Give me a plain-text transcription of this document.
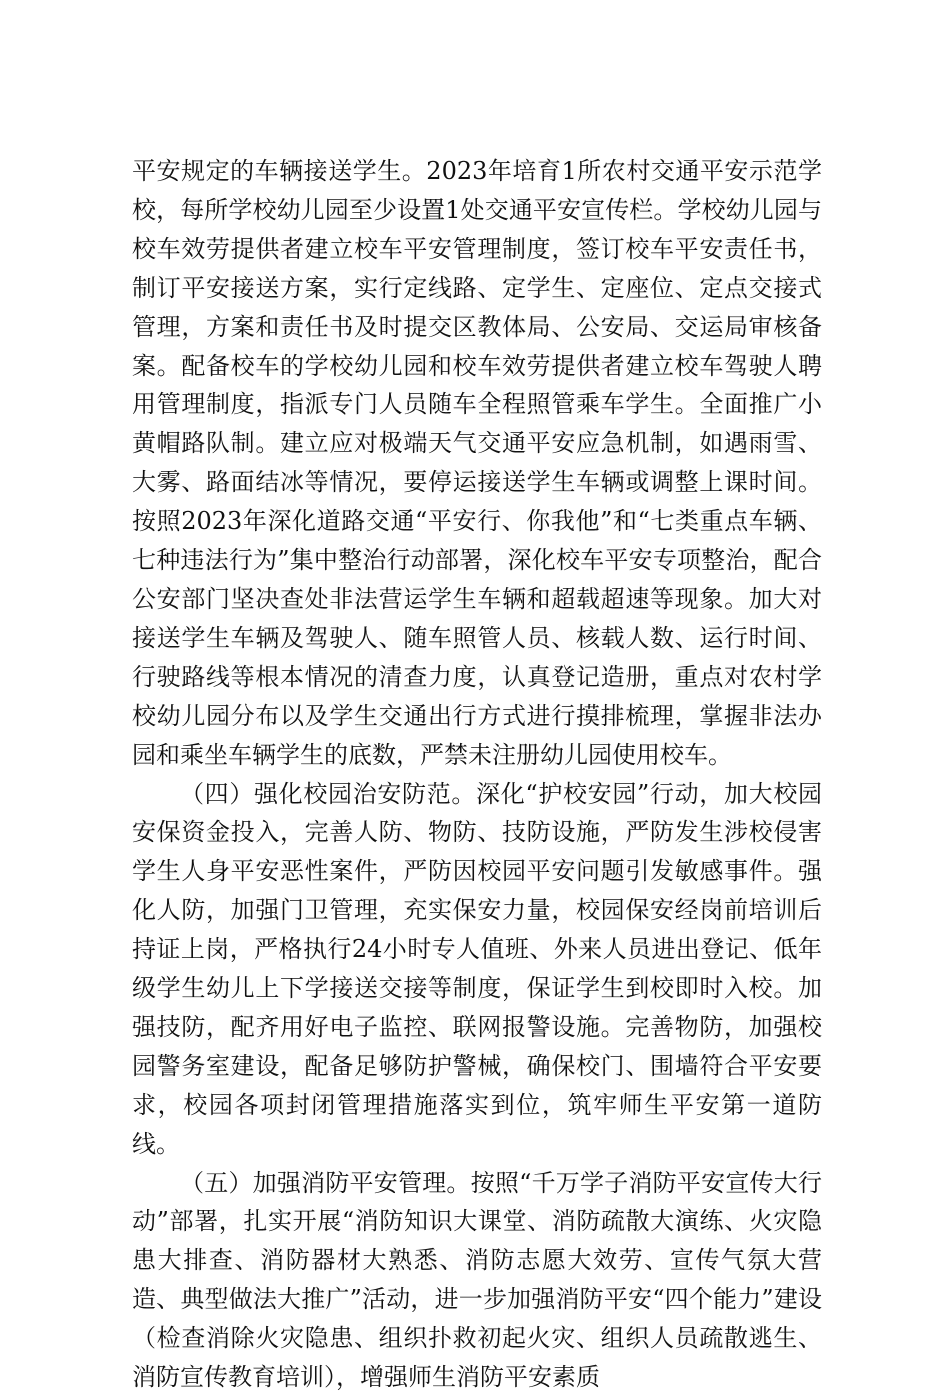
平安规定的车辆接送学生。2023年培育1所农村交通平安示范学校，每所学校幼儿园至少设置1处交通平安宣传栏。学校幼儿园与校车效劳提供者建立校车平安管理制度，签订校车平安责任书，制订平安接送方案，实行定线路、定学生、定座位、定点交接式管理，方案和责任书及时提交区教体局、公安局、交运局审核备案。配备校车的学校幼儿园和校车效劳提供者建立校车驾驶人聘用管理制度，指派专门人员随车全程照管乘车学生。全面推广小黄帽路队制。建立应对极端天气交通平安应急机制，如遇雨雪、大雾、路面结冰等情况，要停运接送学生车辆或调整上课时间。按照2023年深化道路交通“平安行、你我他”和“七类重点车辆、七种违法行为”集中整治行动部署，深化校车平安专项整治，配合公安部门坚决查处非法营运学生车辆和超载超速等现象。加大对接送学生车辆及驾驶人、随车照管人员、核载人数、运行时间、行驶路线等根本情况的清查力度，认真登记造册，重点对农村学校幼儿园分布以及学生交通出行方式进行摸排梳理，掌握非法办园和乘坐车辆学生的底数，严禁未注册幼儿园使用校车。

（四）强化校园治安防范。深化“护校安园”行动，加大校园安保资金投入，完善人防、物防、技防设施，严防发生涉校侵害学生人身平安恶性案件，严防因校园平安问题引发敏感事件。强化人防，加强门卫管理，充实保安力量，校园保安经岗前培训后持证上岗，严格执行24小时专人值班、外来人员进出登记、低年级学生幼儿上下学接送交接等制度，保证学生到校即时入校。加强技防，配齐用好电子监控、联网报警设施。完善物防，加强校园警务室建设，配备足够防护警械，确保校门、围墙符合平安要求，校园各项封闭管理措施落实到位，筑牢师生平安第一道防线。

（五）加强消防平安管理。按照“千万学子消防平安宣传大行动”部署，扎实开展“消防知识大课堂、消防疏散大演练、火灾隐患大排查、消防器材大熟悉、消防志愿大效劳、宣传气氛大营造、典型做法大推广”活动，进一步加强消防平安“四个能力”建设（检查消除火灾隐患、组织扑救初起火灾、组织人员疏散逃生、消防宣传教育培训），增强师生消防平安素质
